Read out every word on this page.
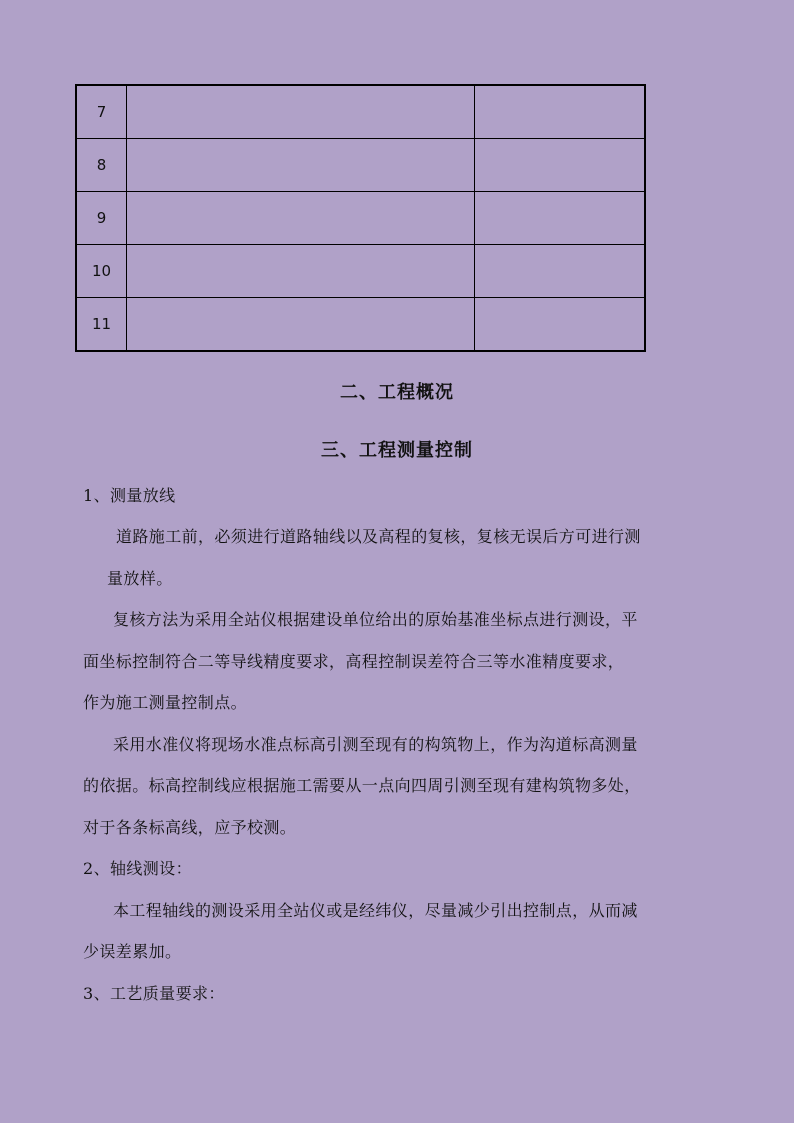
7		
8		
9		
10		
11		
二、工程概况
三、工程测量控制
1、测量放线
道路施工前，必须进行道路轴线以及高程的复核，复核无误后方可进行测
量放样。
复核方法为采用全站仪根据建设单位给出的原始基准坐标点进行测设，平
面坐标控制符合二等导线精度要求，高程控制误差符合三等水准精度要求，
作为施工测量控制点。
采用水准仪将现场水准点标高引测至现有的构筑物上，作为沟道标高测量
的依据。标高控制线应根据施工需要从一点向四周引测至现有建构筑物多处，
对于各条标高线，应予校测。
2、轴线测设：
本工程轴线的测设采用全站仪或是经纬仪，尽量减少引出控制点，从而减
少误差累加。
3、工艺质量要求：
